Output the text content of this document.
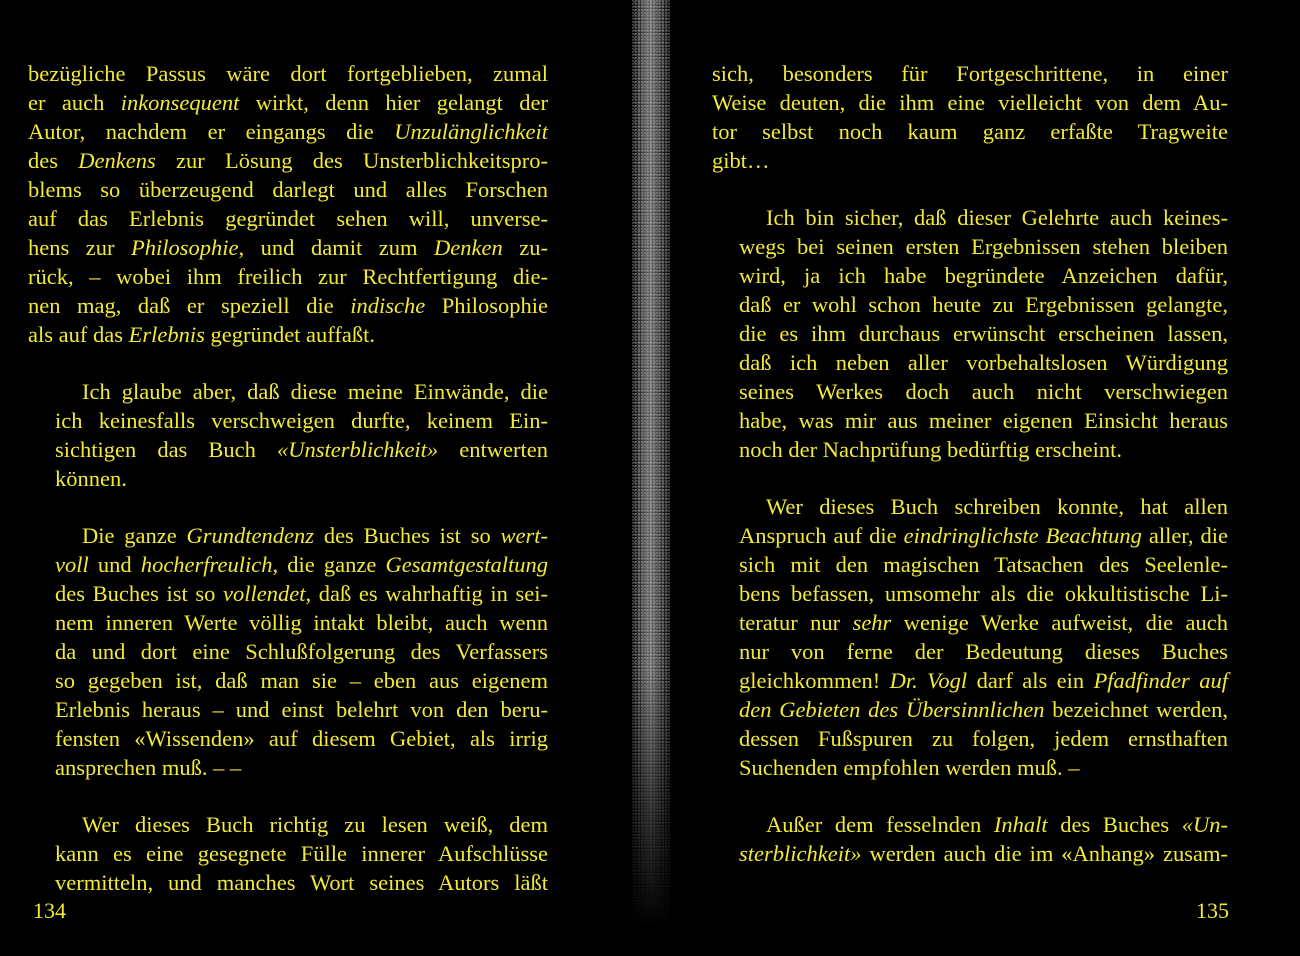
bezügliche Passus wäre dort fortgeblieben, zumal
er auch inkonsequent wirkt, denn hier gelangt der
Autor, nachdem er eingangs die Unzulänglichkeit
des Denkens zur Lösung des Unsterblichkeitspro-
blems so überzeugend darlegt und alles Forschen
auf das Erlebnis gegründet sehen will, unverse-
hens zur Philosophie, und damit zum Denken zu-
rück, – wobei ihm freilich zur Rechtfertigung die-
nen mag, daß er speziell die indische Philosophie
als auf das Erlebnis gegründet auffaßt.
Ich glaube aber, daß diese meine Einwände, die
ich keinesfalls verschweigen durfte, keinem Ein-
sichtigen das Buch «Unsterblichkeit» entwerten
können.
Die ganze Grundtendenz des Buches ist so wert-
voll und hocherfreulich, die ganze Gesamtgestaltung
des Buches ist so vollendet, daß es wahrhaftig in sei-
nem inneren Werte völlig intakt bleibt, auch wenn
da und dort eine Schlußfolgerung des Verfassers
so gegeben ist, daß man sie – eben aus eigenem
Erlebnis heraus – und einst belehrt von den beru-
fensten «Wissenden» auf diesem Gebiet, als irrig
ansprechen muß. – –
Wer dieses Buch richtig zu lesen weiß, dem
kann es eine gesegnete Fülle innerer Aufschlüsse
vermitteln, und manches Wort seines Autors läßt
sich, besonders für Fortgeschrittene, in einer
Weise deuten, die ihm eine vielleicht von dem Au-
tor selbst noch kaum ganz erfaßte Tragweite
gibt…
Ich bin sicher, daß dieser Gelehrte auch keines-
wegs bei seinen ersten Ergebnissen stehen bleiben
wird, ja ich habe begründete Anzeichen dafür,
daß er wohl schon heute zu Ergebnissen gelangte,
die es ihm durchaus erwünscht erscheinen lassen,
daß ich neben aller vorbehaltslosen Würdigung
seines Werkes doch auch nicht verschwiegen
habe, was mir aus meiner eigenen Einsicht heraus
noch der Nachprüfung bedürftig erscheint.
Wer dieses Buch schreiben konnte, hat allen
Anspruch auf die eindringlichste Beachtung aller, die
sich mit den magischen Tatsachen des Seelenle-
bens befassen, umsomehr als die okkultistische Li-
teratur nur sehr wenige Werke aufweist, die auch
nur von ferne der Bedeutung dieses Buches
gleichkommen! Dr. Vogl darf als ein Pfadfinder auf
den Gebieten des Übersinnlichen bezeichnet werden,
dessen Fußspuren zu folgen, jedem ernsthaften
Suchenden empfohlen werden muß. –
Außer dem fesselnden Inhalt des Buches «Un-
sterblichkeit» werden auch die im «Anhang» zusam-
134	135
